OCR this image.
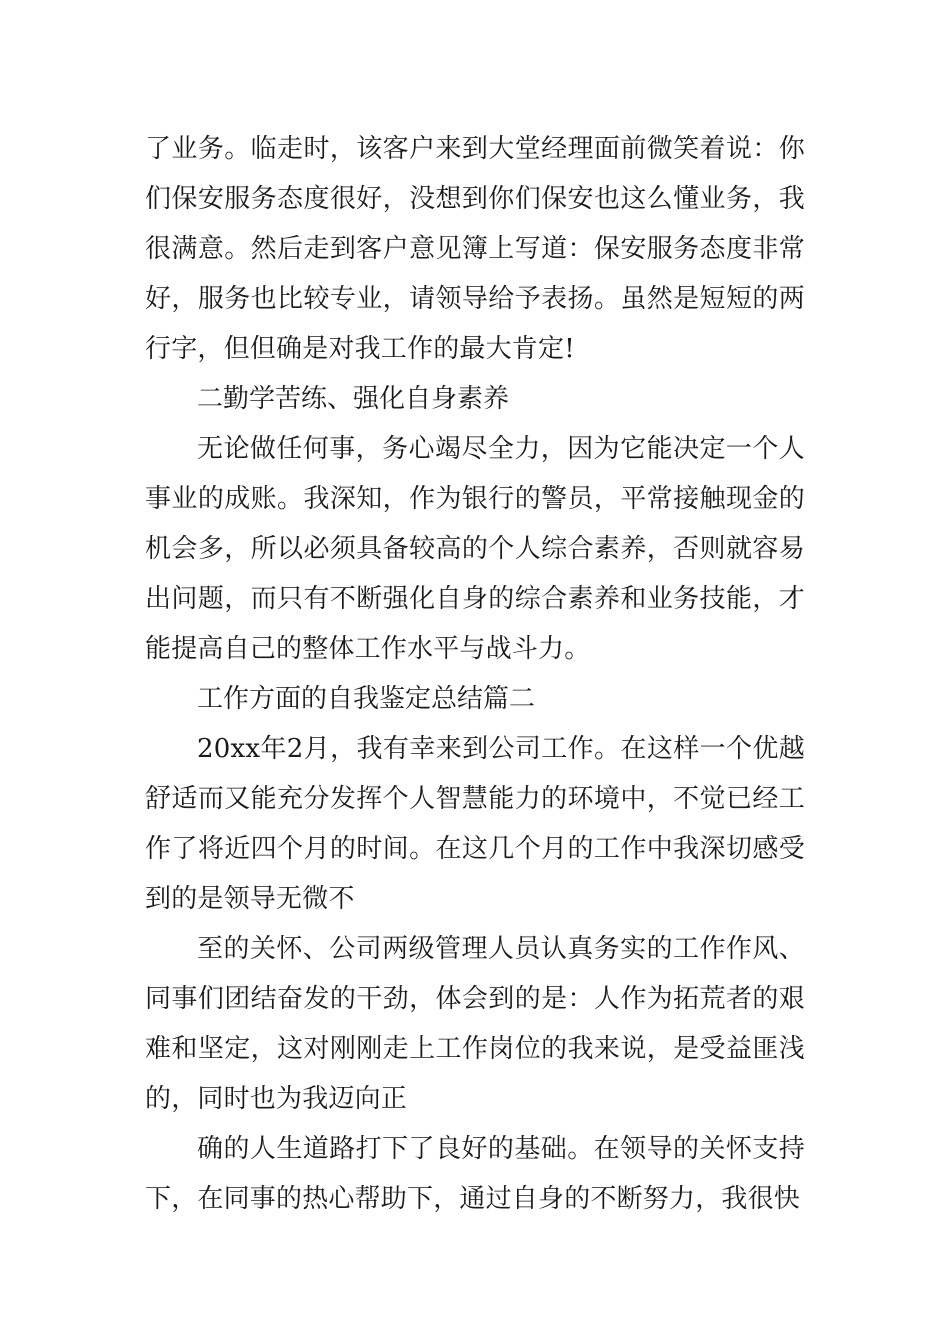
了业务。临走时，该客户来到大堂经理面前微笑着说：你们保安服务态度很好，没想到你们保安也这么懂业务，我很满意。然后走到客户意见簿上写道：保安服务态度非常好，服务也比较专业，请领导给予表扬。虽然是短短的两行字，但但确是对我工作的最大肯定!

二勤学苦练、强化自身素养

无论做任何事，务心竭尽全力，因为它能决定一个人事业的成账。我深知，作为银行的警员，平常接触现金的机会多，所以必须具备较高的个人综合素养，否则就容易出问题，而只有不断强化自身的综合素养和业务技能，才能提高自己的整体工作水平与战斗力。

工作方面的自我鉴定总结篇二

20xx年2月，我有幸来到公司工作。在这样一个优越舒适而又能充分发挥个人智慧能力的环境中，不觉已经工作了将近四个月的时间。在这几个月的工作中我深切感受到的是领导无微不

至的关怀、公司两级管理人员认真务实的工作作风、同事们团结奋发的干劲，体会到的是：人作为拓荒者的艰难和坚定，这对刚刚走上工作岗位的我来说，是受益匪浅的，同时也为我迈向正

确的人生道路打下了良好的基础。在领导的关怀支持下，在同事的热心帮助下，通过自身的不断努力，我很快
